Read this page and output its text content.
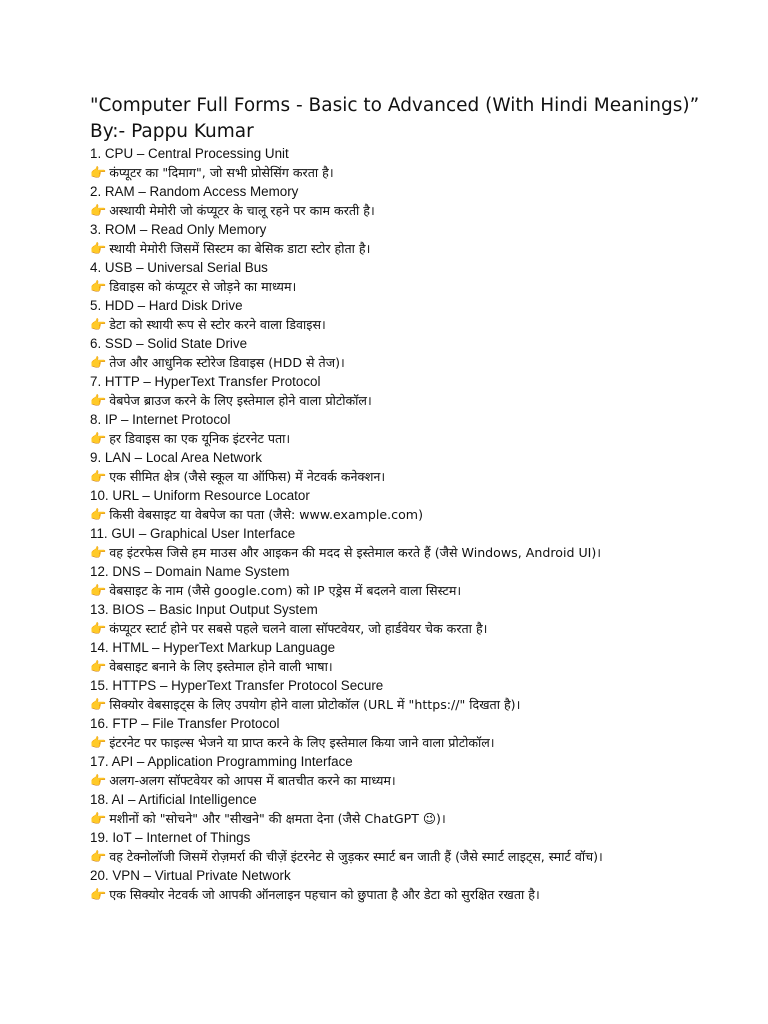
"Computer Full Forms - Basic to Advanced (With Hindi Meanings)”
By:- Pappu Kumar
1. CPU – Central Processing Unit
👉 कंप्यूटर का "दिमाग", जो सभी प्रोसेसिंग करता है।
2. RAM – Random Access Memory
👉 अस्थायी मेमोरी जो कंप्यूटर के चालू रहने पर काम करती है।
3. ROM – Read Only Memory
👉 स्थायी मेमोरी जिसमें सिस्टम का बेसिक डाटा स्टोर होता है।
4. USB – Universal Serial Bus
👉 डिवाइस को कंप्यूटर से जोड़ने का माध्यम।
5. HDD – Hard Disk Drive
👉 डेटा को स्थायी रूप से स्टोर करने वाला डिवाइस।
6. SSD – Solid State Drive
👉 तेज और आधुनिक स्टोरेज डिवाइस (HDD से तेज)।
7. HTTP – HyperText Transfer Protocol
👉 वेबपेज ब्राउज करने के लिए इस्तेमाल होने वाला प्रोटोकॉल।
8. IP – Internet Protocol
👉 हर डिवाइस का एक यूनिक इंटरनेट पता।
9. LAN – Local Area Network
👉 एक सीमित क्षेत्र (जैसे स्कूल या ऑफिस) में नेटवर्क कनेक्शन।
10. URL – Uniform Resource Locator
👉 किसी वेबसाइट या वेबपेज का पता (जैसे: www.example.com)
11. GUI – Graphical User Interface
👉 वह इंटरफेस जिसे हम माउस और आइकन की मदद से इस्तेमाल करते हैं (जैसे Windows, Android UI)।
12. DNS – Domain Name System
👉 वेबसाइट के नाम (जैसे google.com) को IP एड्रेस में बदलने वाला सिस्टम।
13. BIOS – Basic Input Output System
👉 कंप्यूटर स्टार्ट होने पर सबसे पहले चलने वाला सॉफ्टवेयर, जो हार्डवेयर चेक करता है।
14. HTML – HyperText Markup Language
👉 वेबसाइट बनाने के लिए इस्तेमाल होने वाली भाषा।
15. HTTPS – HyperText Transfer Protocol Secure
👉 सिक्योर वेबसाइट्स के लिए उपयोग होने वाला प्रोटोकॉल (URL में "https://" दिखता है)।
16. FTP – File Transfer Protocol
👉 इंटरनेट पर फाइल्स भेजने या प्राप्त करने के लिए इस्तेमाल किया जाने वाला प्रोटोकॉल।
17. API – Application Programming Interface
👉 अलग-अलग सॉफ्टवेयर को आपस में बातचीत करने का माध्यम।
18. AI – Artificial Intelligence
👉 मशीनों को "सोचने" और "सीखने" की क्षमता देना (जैसे ChatGPT 😉)।
19. IoT – Internet of Things
👉 वह टेक्नोलॉजी जिसमें रोज़मर्रा की चीज़ें इंटरनेट से जुड़कर स्मार्ट बन जाती हैं (जैसे स्मार्ट लाइट्स, स्मार्ट वॉच)।
20. VPN – Virtual Private Network
👉 एक सिक्योर नेटवर्क जो आपकी ऑनलाइन पहचान को छुपाता है और डेटा को सुरक्षित रखता है।
